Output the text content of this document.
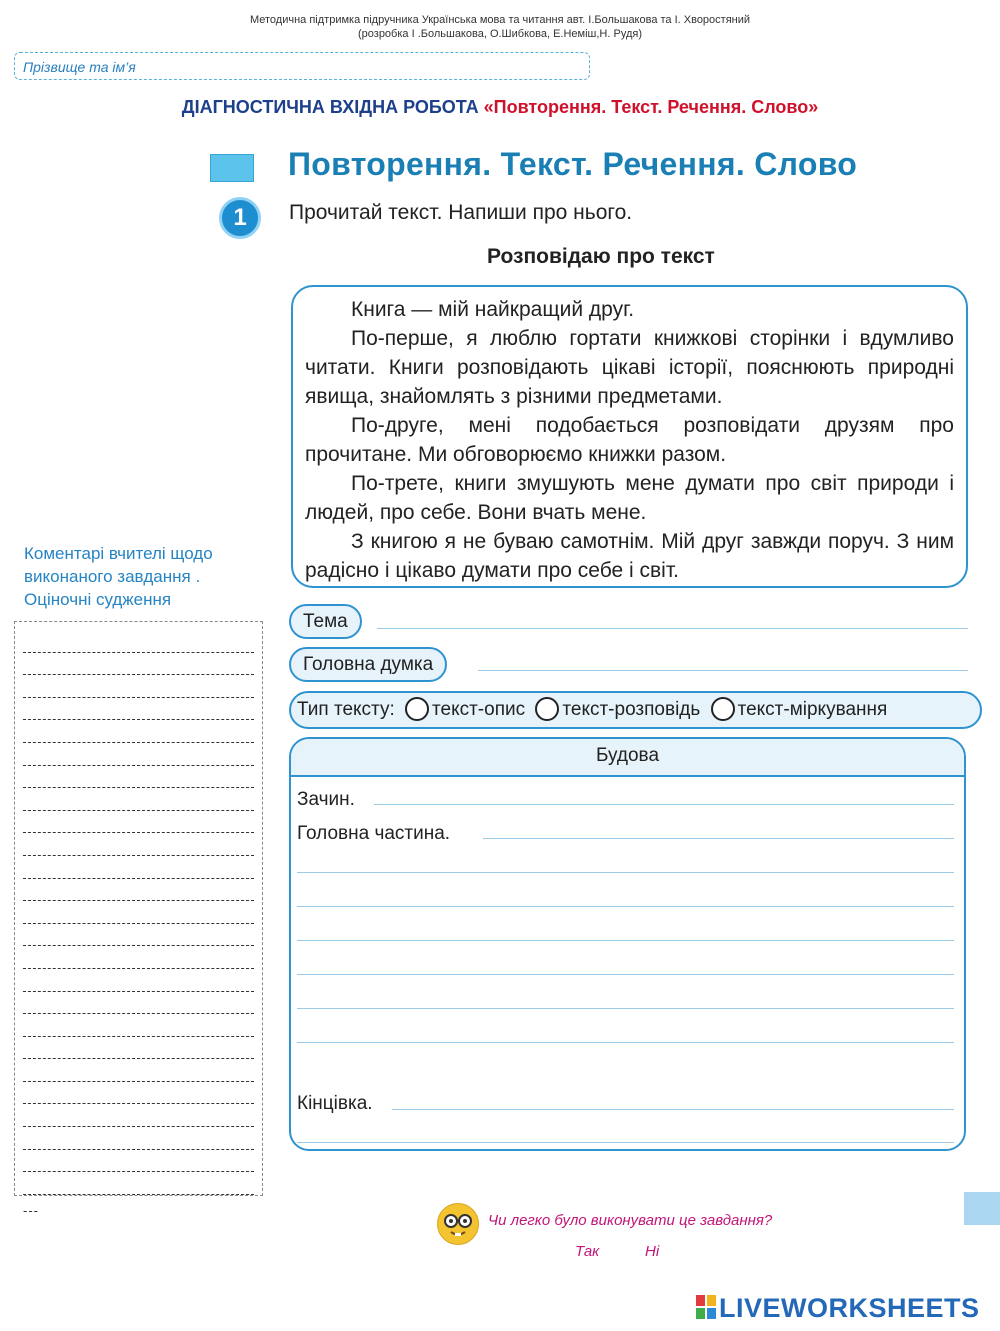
Методична підтримка підручника Українська мова та читання авт. І.Большакова та І. Хворостяний
(розробка І .Большакова, О.Шибкова, Е.Неміш,Н. Рудя)
Прізвище та ім’я
ДІАГНОСТИЧНА ВХІДНА РОБОТА «Повторення. Текст. Речення. Слово»
Повторення. Текст. Речення. Слово
1	Прочитай текст. Напиши про нього.
Розповідаю про текст

Книга — мій найкращий друг.

По-перше, я люблю гортати книжкові сторінки і вдумливо читати. Книги розповідають цікаві історії, пояснюють природні явища, знайомлять з різними предметами.

По-друге, мені подобається розповідати друзям про прочитане. Ми обговорюємо книжки разом.

По-трете, книги змушують мене думати про світ природи і людей, про себе. Вони вчать мене.

З книгою я не буваю самотнім. Мій друг завжди поруч. З ним радісно і цікаво думати про себе і світ.

Коментарі вчителі щодо
виконаного завдання .
Оціночні судження
---
Тема
Головна думка
Тип тексту: текст-опис текст-розповідь текст-міркування
Будова
Зачин.
Головна частина.
Кінцівка.
Чи легко було виконувати це завдання?
Так	Ні
LIVEWORKSHEETS
